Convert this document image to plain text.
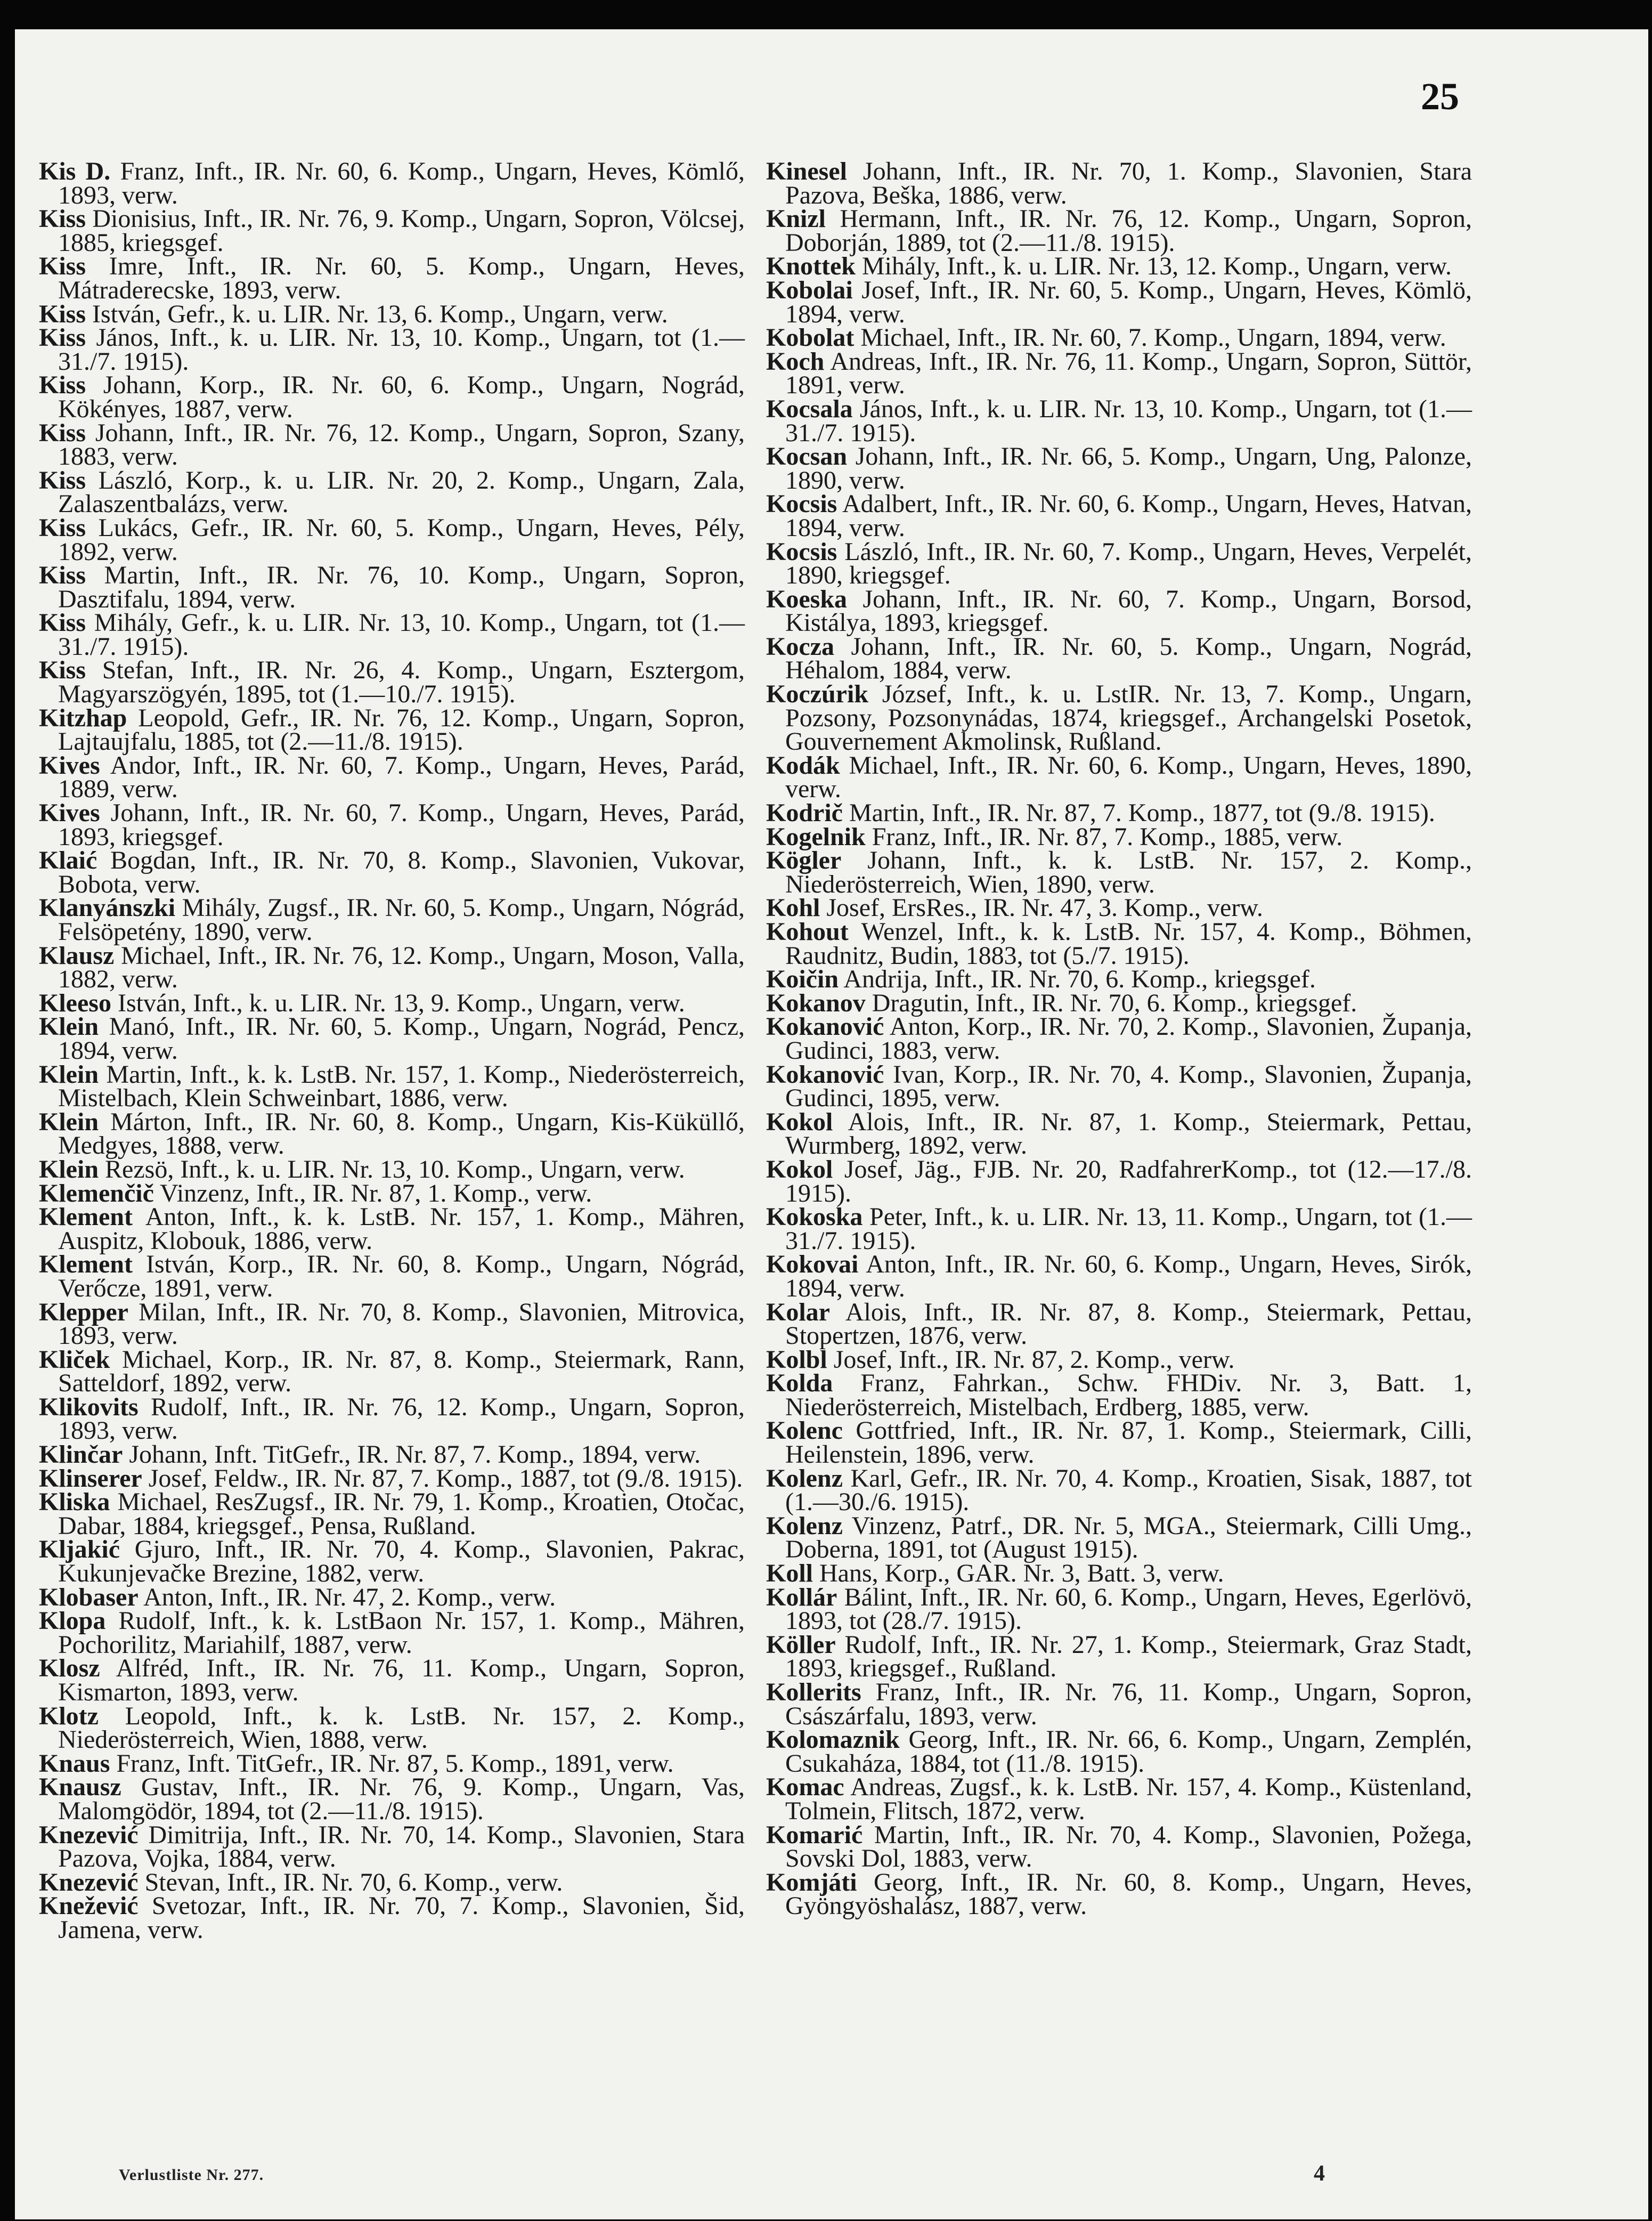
25

Kis D. Franz, Inft., IR. Nr. 60, 6. Komp., Ungarn, Heves, Kömlő, 1893, verw.

Kiss Dionisius, Inft., IR. Nr. 76, 9. Komp., Ungarn, Sopron, Völcsej, 1885, kriegsgef.

Kiss Imre, Inft., IR. Nr. 60, 5. Komp., Ungarn, Heves, Mátraderecske, 1893, verw.

Kiss István, Gefr., k. u. LIR. Nr. 13, 6. Komp., Ungarn, verw.

Kiss János, Inft., k. u. LIR. Nr. 13, 10. Komp., Ungarn, tot (1.—31./7. 1915).

Kiss Johann, Korp., IR. Nr. 60, 6. Komp., Ungarn, Nográd, Kökényes, 1887, verw.

Kiss Johann, Inft., IR. Nr. 76, 12. Komp., Ungarn, Sopron, Szany, 1883, verw.

Kiss László, Korp., k. u. LIR. Nr. 20, 2. Komp., Ungarn, Zala, Zalaszentbalázs, verw.

Kiss Lukács, Gefr., IR. Nr. 60, 5. Komp., Ungarn, Heves, Pély, 1892, verw.

Kiss Martin, Inft., IR. Nr. 76, 10. Komp., Ungarn, Sopron, Dasztifalu, 1894, verw.

Kiss Mihály, Gefr., k. u. LIR. Nr. 13, 10. Komp., Ungarn, tot (1.—31./7. 1915).

Kiss Stefan, Inft., IR. Nr. 26, 4. Komp., Ungarn, Esztergom, Magyarszögyén, 1895, tot (1.—10./7. 1915).

Kitzhap Leopold, Gefr., IR. Nr. 76, 12. Komp., Ungarn, Sopron, Lajtaujfalu, 1885, tot (2.—11./8. 1915).

Kives Andor, Inft., IR. Nr. 60, 7. Komp., Ungarn, Heves, Parád, 1889, verw.

Kives Johann, Inft., IR. Nr. 60, 7. Komp., Ungarn, Heves, Parád, 1893, kriegsgef.

Klaić Bogdan, Inft., IR. Nr. 70, 8. Komp., Slavonien, Vukovar, Bobota, verw.

Klanyánszki Mihály, Zugsf., IR. Nr. 60, 5. Komp., Ungarn, Nógrád, Felsöpetény, 1890, verw.

Klausz Michael, Inft., IR. Nr. 76, 12. Komp., Ungarn, Moson, Valla, 1882, verw.

Kleeso István, Inft., k. u. LIR. Nr. 13, 9. Komp., Ungarn, verw.

Klein Manó, Inft., IR. Nr. 60, 5. Komp., Ungarn, Nográd, Pencz, 1894, verw.

Klein Martin, Inft., k. k. LstB. Nr. 157, 1. Komp., Niederösterreich, Mistelbach, Klein Schweinbart, 1886, verw.

Klein Márton, Inft., IR. Nr. 60, 8. Komp., Ungarn, Kis-Küküllő, Medgyes, 1888, verw.

Klein Rezsö, Inft., k. u. LIR. Nr. 13, 10. Komp., Ungarn, verw.

Klemenčič Vinzenz, Inft., IR. Nr. 87, 1. Komp., verw.

Klement Anton, Inft., k. k. LstB. Nr. 157, 1. Komp., Mähren, Auspitz, Klobouk, 1886, verw.

Klement István, Korp., IR. Nr. 60, 8. Komp., Ungarn, Nógrád, Verőcze, 1891, verw.

Klepper Milan, Inft., IR. Nr. 70, 8. Komp., Slavonien, Mitrovica, 1893, verw.

Kliček Michael, Korp., IR. Nr. 87, 8. Komp., Steiermark, Rann, Satteldorf, 1892, verw.

Klikovits Rudolf, Inft., IR. Nr. 76, 12. Komp., Ungarn, Sopron, 1893, verw.

Klinčar Johann, Inft. TitGefr., IR. Nr. 87, 7. Komp., 1894, verw.

Klinserer Josef, Feldw., IR. Nr. 87, 7. Komp., 1887, tot (9./8. 1915).

Kliska Michael, ResZugsf., IR. Nr. 79, 1. Komp., Kroatien, Otočac, Dabar, 1884, kriegsgef., Pensa, Rußland.

Kljakić Gjuro, Inft., IR. Nr. 70, 4. Komp., Slavonien, Pakrac, Kukunjevačke Brezine, 1882, verw.

Klobaser Anton, Inft., IR. Nr. 47, 2. Komp., verw.

Klopa Rudolf, Inft., k. k. LstBaon Nr. 157, 1. Komp., Mähren, Pochorilitz, Mariahilf, 1887, verw.

Klosz Alfréd, Inft., IR. Nr. 76, 11. Komp., Ungarn, Sopron, Kismarton, 1893, verw.

Klotz Leopold, Inft., k. k. LstB. Nr. 157, 2. Komp., Niederösterreich, Wien, 1888, verw.

Knaus Franz, Inft. TitGefr., IR. Nr. 87, 5. Komp., 1891, verw.

Knausz Gustav, Inft., IR. Nr. 76, 9. Komp., Ungarn, Vas, Malomgödör, 1894, tot (2.—11./8. 1915).

Knezević Dimitrija, Inft., IR. Nr. 70, 14. Komp., Slavonien, Stara Pazova, Vojka, 1884, verw.

Knezević Stevan, Inft., IR. Nr. 70, 6. Komp., verw.

Knežević Svetozar, Inft., IR. Nr. 70, 7. Komp., Slavonien, Šid, Jamena, verw.

Kinesel Johann, Inft., IR. Nr. 70, 1. Komp., Slavonien, Stara Pazova, Beška, 1886, verw.

Knizl Hermann, Inft., IR. Nr. 76, 12. Komp., Ungarn, Sopron, Doborján, 1889, tot (2.—11./8. 1915).

Knottek Mihály, Inft., k. u. LIR. Nr. 13, 12. Komp., Ungarn, verw.

Kobolai Josef, Inft., IR. Nr. 60, 5. Komp., Ungarn, Heves, Kömlö, 1894, verw.

Kobolat Michael, Inft., IR. Nr. 60, 7. Komp., Ungarn, 1894, verw.

Koch Andreas, Inft., IR. Nr. 76, 11. Komp., Ungarn, Sopron, Süttör, 1891, verw.

Kocsala János, Inft., k. u. LIR. Nr. 13, 10. Komp., Ungarn, tot (1.—31./7. 1915).

Kocsan Johann, Inft., IR. Nr. 66, 5. Komp., Ungarn, Ung, Palonze, 1890, verw.

Kocsis Adalbert, Inft., IR. Nr. 60, 6. Komp., Ungarn, Heves, Hatvan, 1894, verw.

Kocsis László, Inft., IR. Nr. 60, 7. Komp., Ungarn, Heves, Verpelét, 1890, kriegsgef.

Koeska Johann, Inft., IR. Nr. 60, 7. Komp., Ungarn, Borsod, Kistálya, 1893, kriegsgef.

Kocza Johann, Inft., IR. Nr. 60, 5. Komp., Ungarn, Nográd, Héhalom, 1884, verw.

Koczúrik József, Inft., k. u. LstIR. Nr. 13, 7. Komp., Ungarn, Pozsony, Pozsonynádas, 1874, kriegsgef., Archangelski Posetok, Gouvernement Akmolinsk, Rußland.

Kodák Michael, Inft., IR. Nr. 60, 6. Komp., Ungarn, Heves, 1890, verw.

Kodrič Martin, Inft., IR. Nr. 87, 7. Komp., 1877, tot (9./8. 1915).

Kogelnik Franz, Inft., IR. Nr. 87, 7. Komp., 1885, verw.

Kögler Johann, Inft., k. k. LstB. Nr. 157, 2. Komp., Niederösterreich, Wien, 1890, verw.

Kohl Josef, ErsRes., IR. Nr. 47, 3. Komp., verw.

Kohout Wenzel, Inft., k. k. LstB. Nr. 157, 4. Komp., Böhmen, Raudnitz, Budin, 1883, tot (5./7. 1915).

Koičin Andrija, Inft., IR. Nr. 70, 6. Komp., kriegsgef.

Kokanov Dragutin, Inft., IR. Nr. 70, 6. Komp., kriegsgef.

Kokanović Anton, Korp., IR. Nr. 70, 2. Komp., Slavonien, Županja, Gudinci, 1883, verw.

Kokanović Ivan, Korp., IR. Nr. 70, 4. Komp., Slavonien, Županja, Gudinci, 1895, verw.

Kokol Alois, Inft., IR. Nr. 87, 1. Komp., Steiermark, Pettau, Wurmberg, 1892, verw.

Kokol Josef, Jäg., FJB. Nr. 20, RadfahrerKomp., tot (12.—17./8. 1915).

Kokoska Peter, Inft., k. u. LIR. Nr. 13, 11. Komp., Ungarn, tot (1.—31./7. 1915).

Kokovai Anton, Inft., IR. Nr. 60, 6. Komp., Ungarn, Heves, Sirók, 1894, verw.

Kolar Alois, Inft., IR. Nr. 87, 8. Komp., Steiermark, Pettau, Stopertzen, 1876, verw.

Kolbl Josef, Inft., IR. Nr. 87, 2. Komp., verw.

Kolda Franz, Fahrkan., Schw. FHDiv. Nr. 3, Batt. 1, Niederösterreich, Mistelbach, Erdberg, 1885, verw.

Kolenc Gottfried, Inft., IR. Nr. 87, 1. Komp., Steiermark, Cilli, Heilenstein, 1896, verw.

Kolenz Karl, Gefr., IR. Nr. 70, 4. Komp., Kroatien, Sisak, 1887, tot (1.—30./6. 1915).

Kolenz Vinzenz, Patrf., DR. Nr. 5, MGA., Steiermark, Cilli Umg., Doberna, 1891, tot (August 1915).

Koll Hans, Korp., GAR. Nr. 3, Batt. 3, verw.

Kollár Bálint, Inft., IR. Nr. 60, 6. Komp., Ungarn, Heves, Egerlövö, 1893, tot (28./7. 1915).

Köller Rudolf, Inft., IR. Nr. 27, 1. Komp., Steiermark, Graz Stadt, 1893, kriegsgef., Rußland.

Kollerits Franz, Inft., IR. Nr. 76, 11. Komp., Ungarn, Sopron, Császárfalu, 1893, verw.

Kolomaznik Georg, Inft., IR. Nr. 66, 6. Komp., Ungarn, Zemplén, Csukaháza, 1884, tot (11./8. 1915).

Komac Andreas, Zugsf., k. k. LstB. Nr. 157, 4. Komp., Küstenland, Tolmein, Flitsch, 1872, verw.

Komarić Martin, Inft., IR. Nr. 70, 4. Komp., Slavonien, Požega, Sovski Dol, 1883, verw.

Komjáti Georg, Inft., IR. Nr. 60, 8. Komp., Ungarn, Heves, Gyöngyöshalász, 1887, verw.

Verlustliste Nr. 277.	4
